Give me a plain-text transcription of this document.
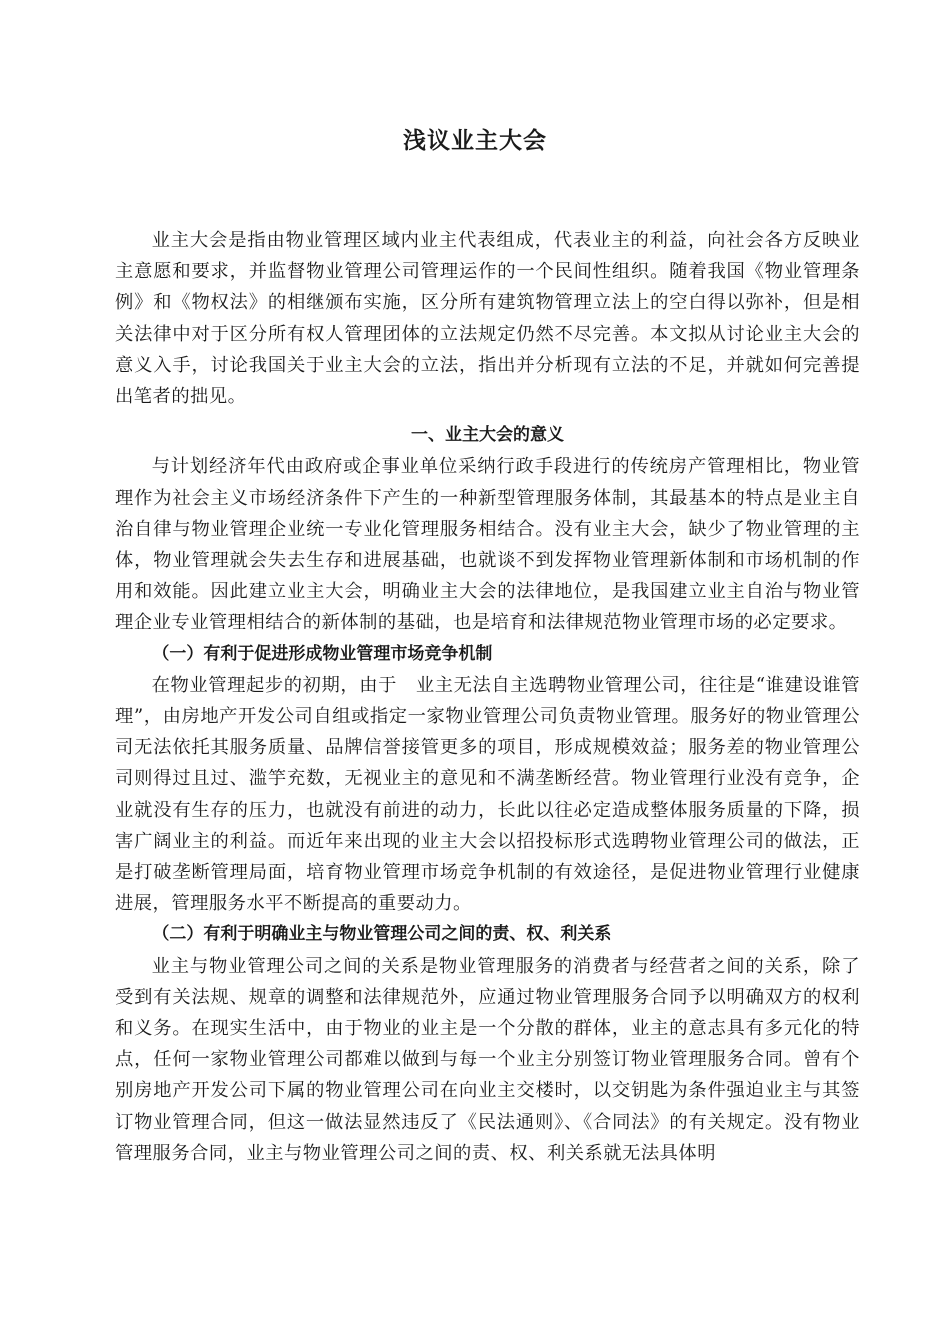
浅议业主大会

业主大会是指由物业管理区域内业主代表组成，代表业主的利益，向社会各方反映业主意愿和要求，并监督物业管理公司管理运作的一个民间性组织。随着我国《物业管理条例》和《物权法》的相继颁布实施，区分所有建筑物管理立法上的空白得以弥补，但是相关法律中对于区分所有权人管理团体的立法规定仍然不尽完善。本文拟从讨论业主大会的意义入手，讨论我国关于业主大会的立法，指出并分析现有立法的不足，并就如何完善提出笔者的拙见。

一、业主大会的意义

与计划经济年代由政府或企事业单位采纳行政手段进行的传统房产管理相比，物业管理作为社会主义市场经济条件下产生的一种新型管理服务体制，其最基本的特点是业主自治自律与物业管理企业统一专业化管理服务相结合。没有业主大会，缺少了物业管理的主体，物业管理就会失去生存和进展基础，也就谈不到发挥物业管理新体制和市场机制的作用和效能。因此建立业主大会，明确业主大会的法律地位，是我国建立业主自治与物业管理企业专业管理相结合的新体制的基础，也是培育和法律规范物业管理市场的必定要求。

（一）有利于促进形成物业管理市场竞争机制

在物业管理起步的初期，由于　业主无法自主选聘物业管理公司，往往是“谁建设谁管理”，由房地产开发公司自组或指定一家物业管理公司负责物业管理。服务好的物业管理公司无法依托其服务质量、品牌信誉接管更多的项目，形成规模效益；服务差的物业管理公司则得过且过、滥竽充数，无视业主的意见和不满垄断经营。物业管理行业没有竞争，企业就没有生存的压力，也就没有前进的动力，长此以往必定造成整体服务质量的下降，损害广阔业主的利益。而近年来出现的业主大会以招投标形式选聘物业管理公司的做法，正是打破垄断管理局面，培育物业管理市场竞争机制的有效途径，是促进物业管理行业健康进展，管理服务水平不断提高的重要动力。

（二）有利于明确业主与物业管理公司之间的责、权、利关系

业主与物业管理公司之间的关系是物业管理服务的消费者与经营者之间的关系，除了受到有关法规、规章的调整和法律规范外，应通过物业管理服务合同予以明确双方的权利和义务。在现实生活中，由于物业的业主是一个分散的群体，业主的意志具有多元化的特点，任何一家物业管理公司都难以做到与每一个业主分别签订物业管理服务合同。曾有个别房地产开发公司下属的物业管理公司在向业主交楼时，以交钥匙为条件强迫业主与其签订物业管理合同，但这一做法显然违反了《民法通则》、《合同法》的有关规定。没有物业管理服务合同，业主与物业管理公司之间的责、权、利关系就无法具体明
